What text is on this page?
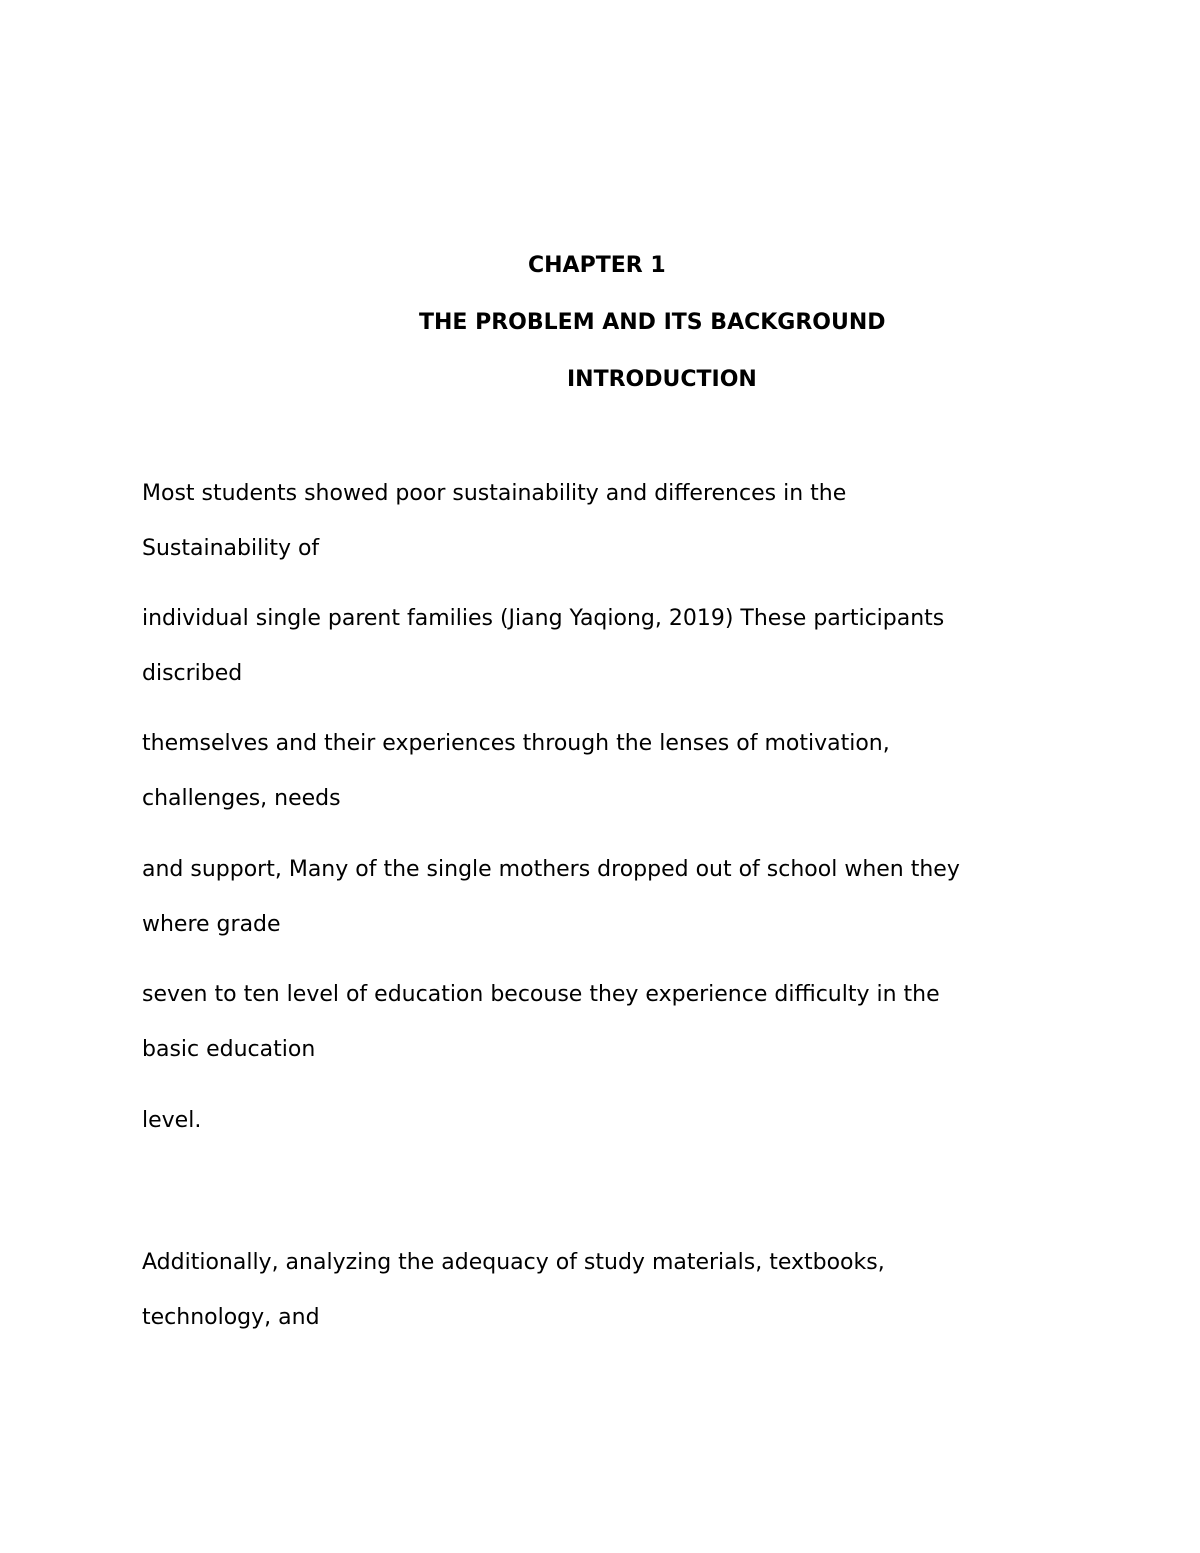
CHAPTER 1
THE PROBLEM AND ITS BACKGROUND
INTRODUCTION
Most students showed poor sustainability and differences in the
Sustainability of
individual single parent families (Jiang Yaqiong, 2019) These participants
discribed
themselves and their experiences through the lenses of motivation,
challenges, needs
and support, Many of the single mothers dropped out of school when they
where grade
seven to ten level of education becouse they experience difficulty in the
basic education
level.
Additionally, analyzing the adequacy of study materials, textbooks,
technology, and
